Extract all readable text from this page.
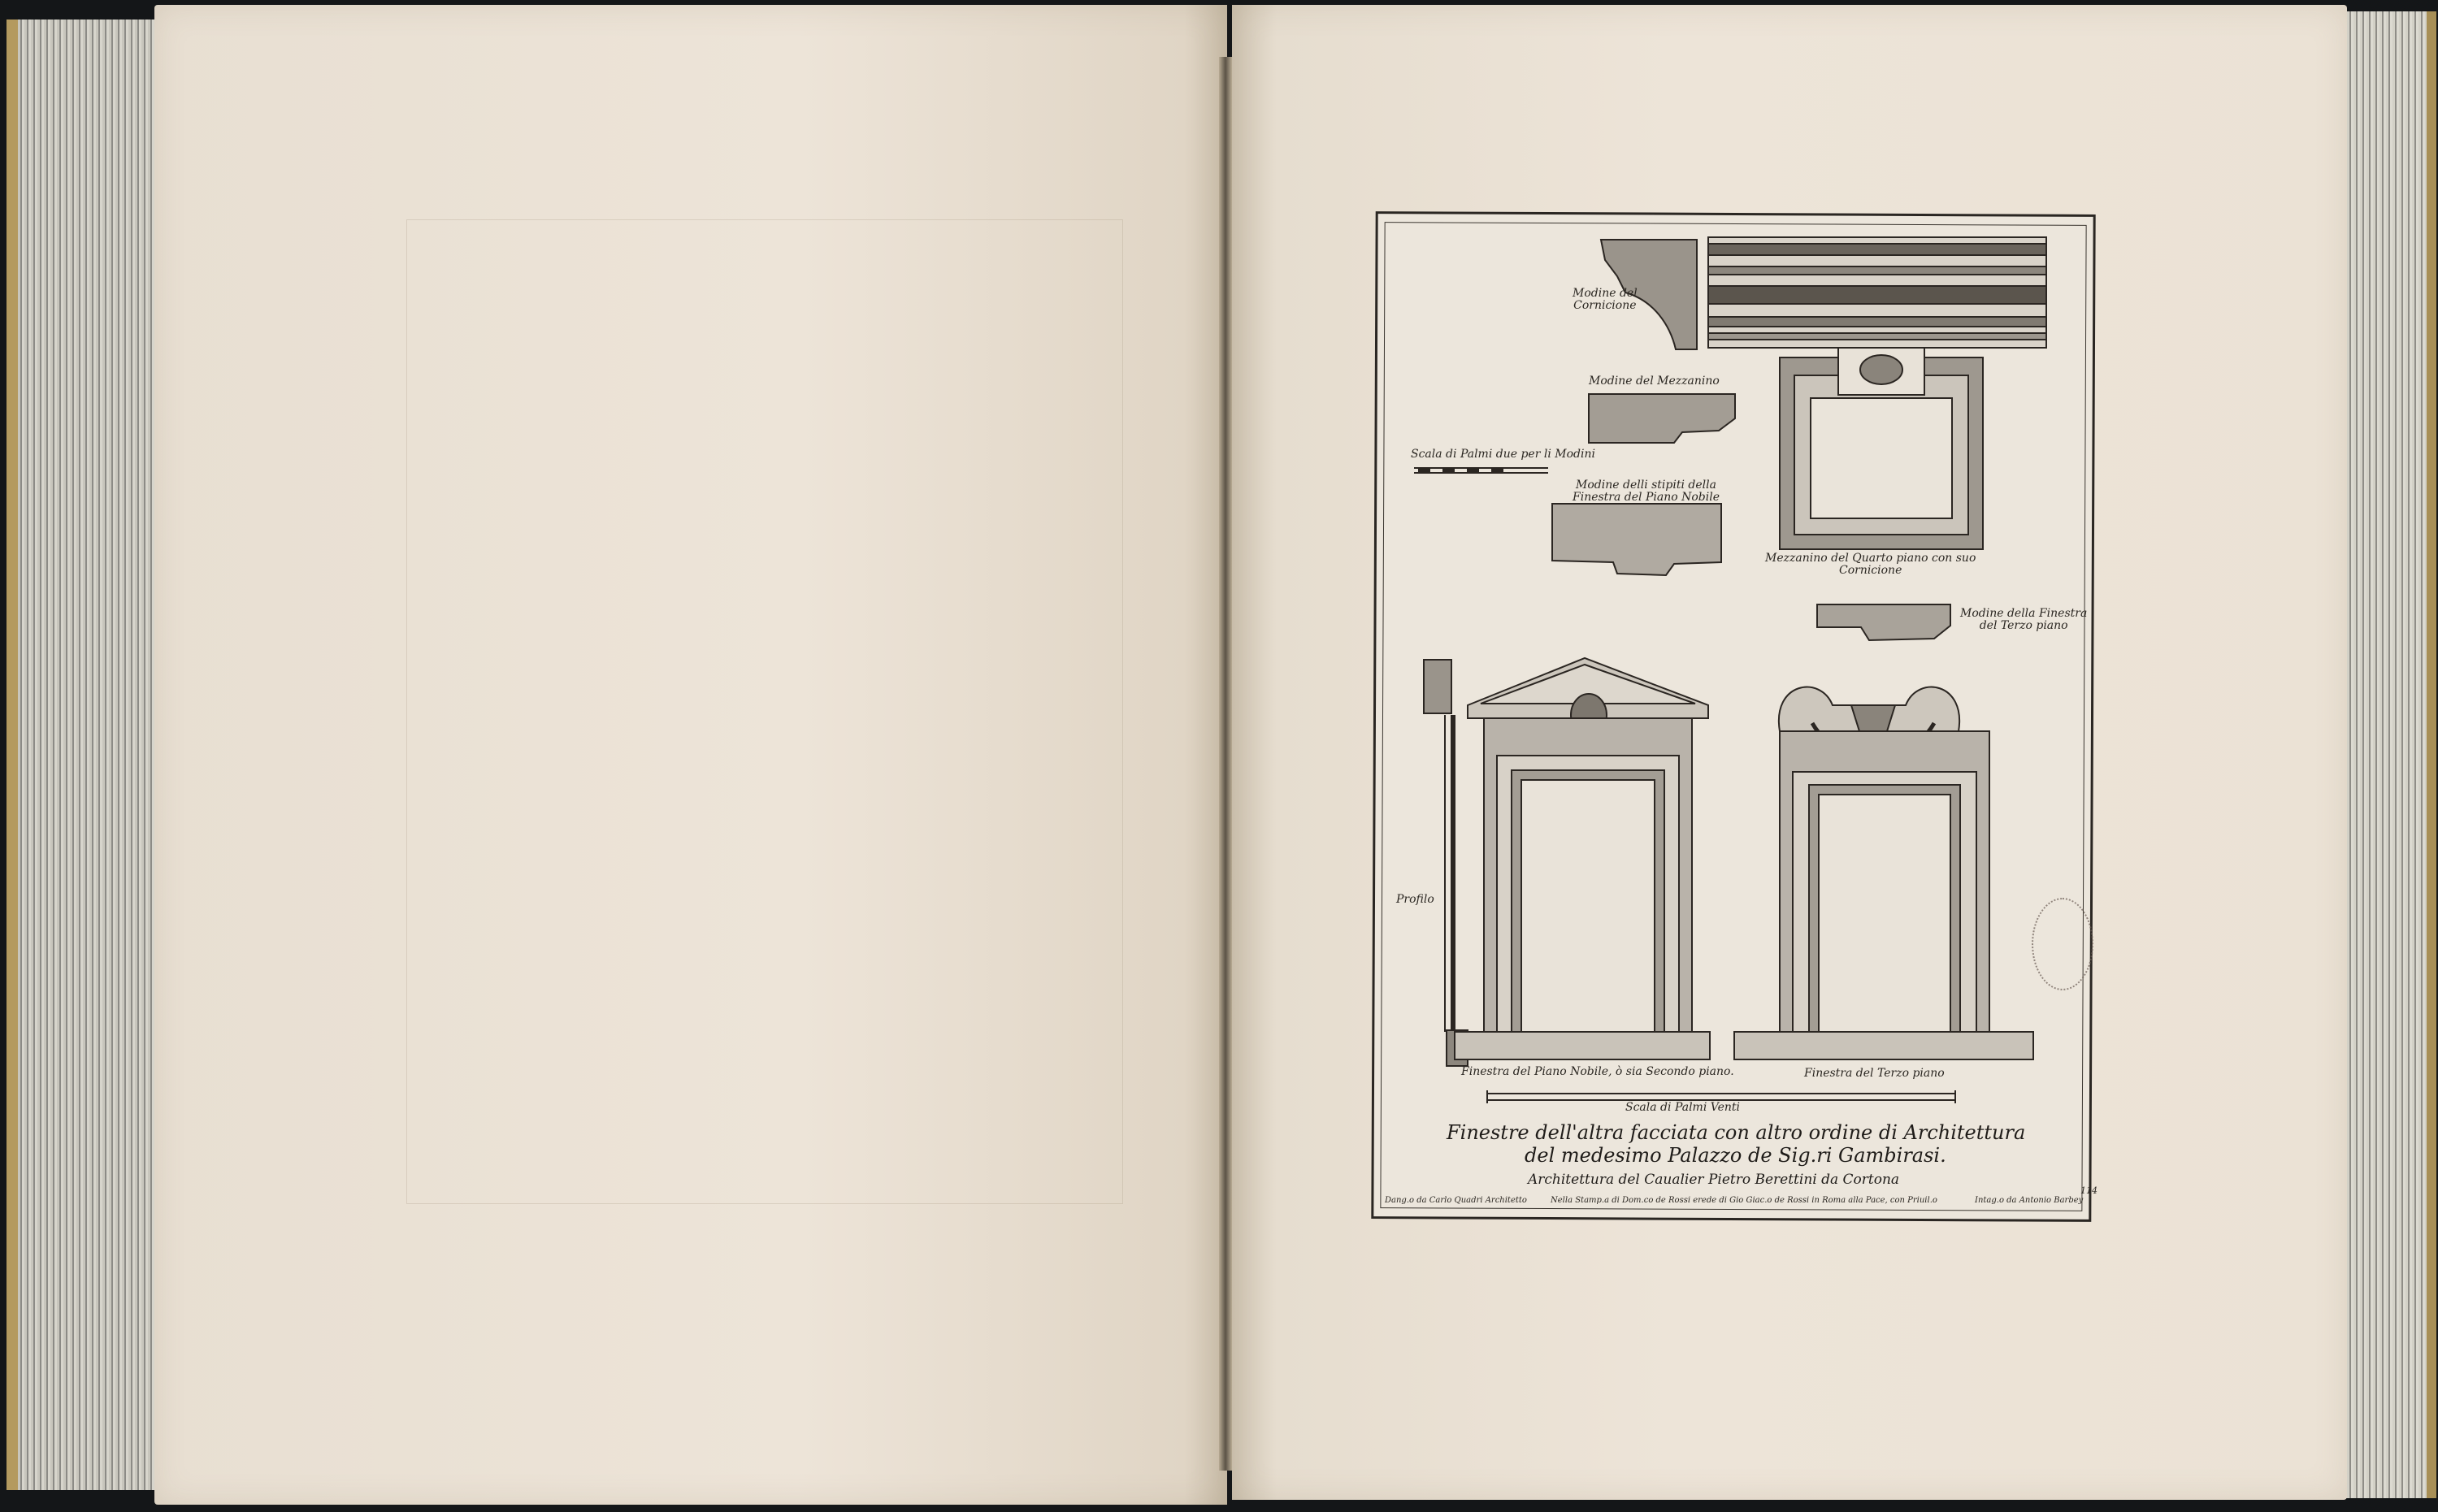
Modine del
Cornicione
Modine del Mezzanino
Scala di Palmi due per li Modini
Modine delli stipiti della
Finestra del Piano Nobile
Mezzanino del Quarto piano con suo
Cornicione
Modine della Finestra
del Terzo piano
Profilo
Finestra del Piano Nobile, ò sia Secondo piano.	Finestra del Terzo piano
Scala di Palmi Venti
Finestre dell'altra facciata con altro ordine di Architettura
del medesimo Palazzo de Sig.ri Gambirasi.
Architettura del Caualier Pietro Berettini da Cortona
Dang.o da Carlo Quadri Architetto	Nella Stamp.a di Dom.co de Rossi erede di Gio Giac.o de Rossi in Roma alla Pace, con Priuil.o	Intag.o da Antonio Barbey
114
